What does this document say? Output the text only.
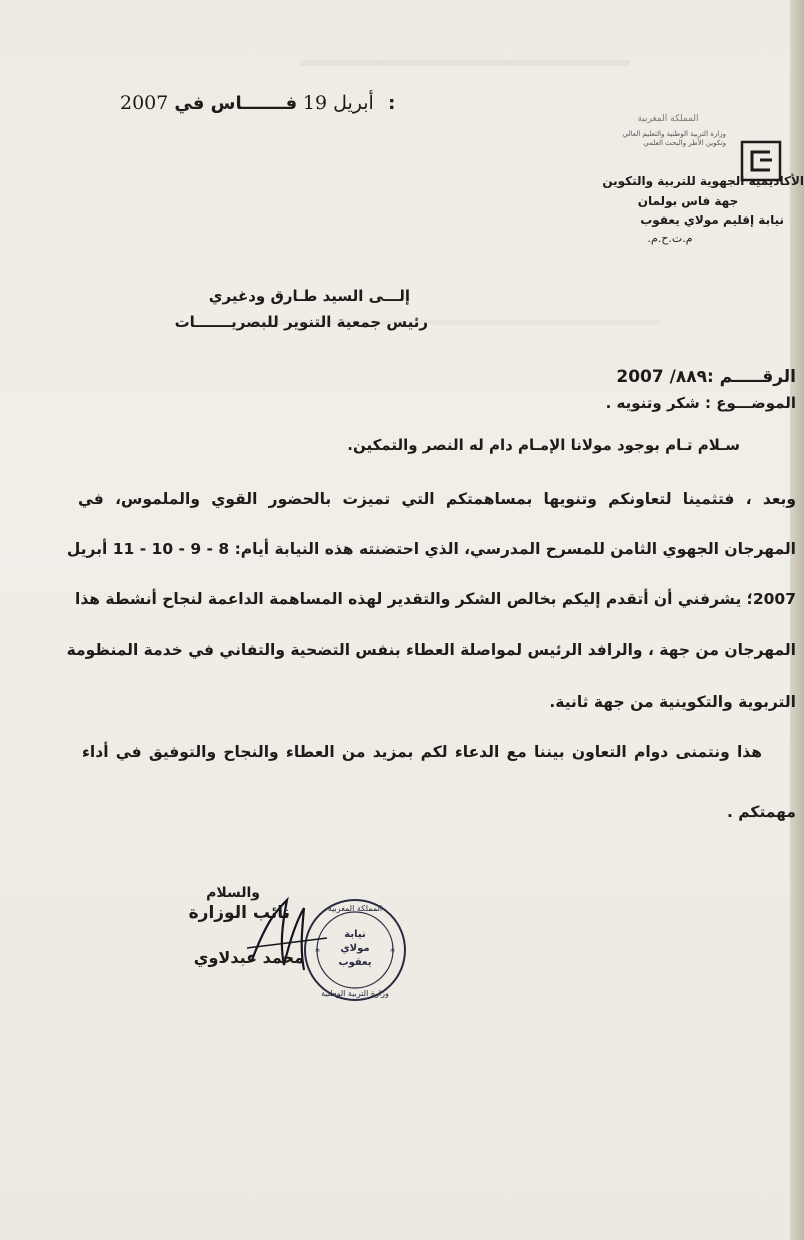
2007 أبريل 19 فـــــــاس في :
المملكة المغربية
وزارة التربية الوطنية والتعليم العالي وتكوين الأطر والبحث العلمي
الأكاديمية الجهوية للتربية والتكوين
جهة فاس بولمان
نيابة إقليم مولاي يعقوب
م.ت.ح.م.
إلـــى السيد طـارق ودغيري
رئيس جمعية التنوير للبصريـــــــات
الرقـــــم :٨٨٩/ 2007
الموضـــوع : شكر وتنويه .
سـلام تـام بوجود مولانا الإمـام دام له النصر والتمكين.
وبعد ، فتثمينا لتعاونكم وتنويها بمساهمتكم التي تميزت بالحضور القوي والملموس، في
المهرجان الجهوي الثامن للمسرح المدرسي، الذي احتضنته هذه النيابة أيام: 8 - 9 - 10 - 11 أبريل
2007؛ يشرفني أن أتقدم إليكم بخالص الشكر والتقدير لهذه المساهمة الداعمة لنجاح أنشطة هذا
المهرجان من جهة ، والرافد الرئيس لمواصلة العطاء بنفس التضحية والتفاني في خدمة المنظومة
التربوية والتكوينية من جهة ثانية.
هذا ونتمنى دوام التعاون بيننا مع الدعاء لكم بمزيد من العطاء والنجاح والتوفيق في أداء
مهمتكم .
والسلام
نائب الوزارة	المملكة المغربية
نيابة
مولاي
يعقوب
وزارة التربية الوطنية
*	*
محمد عبدلاوي
